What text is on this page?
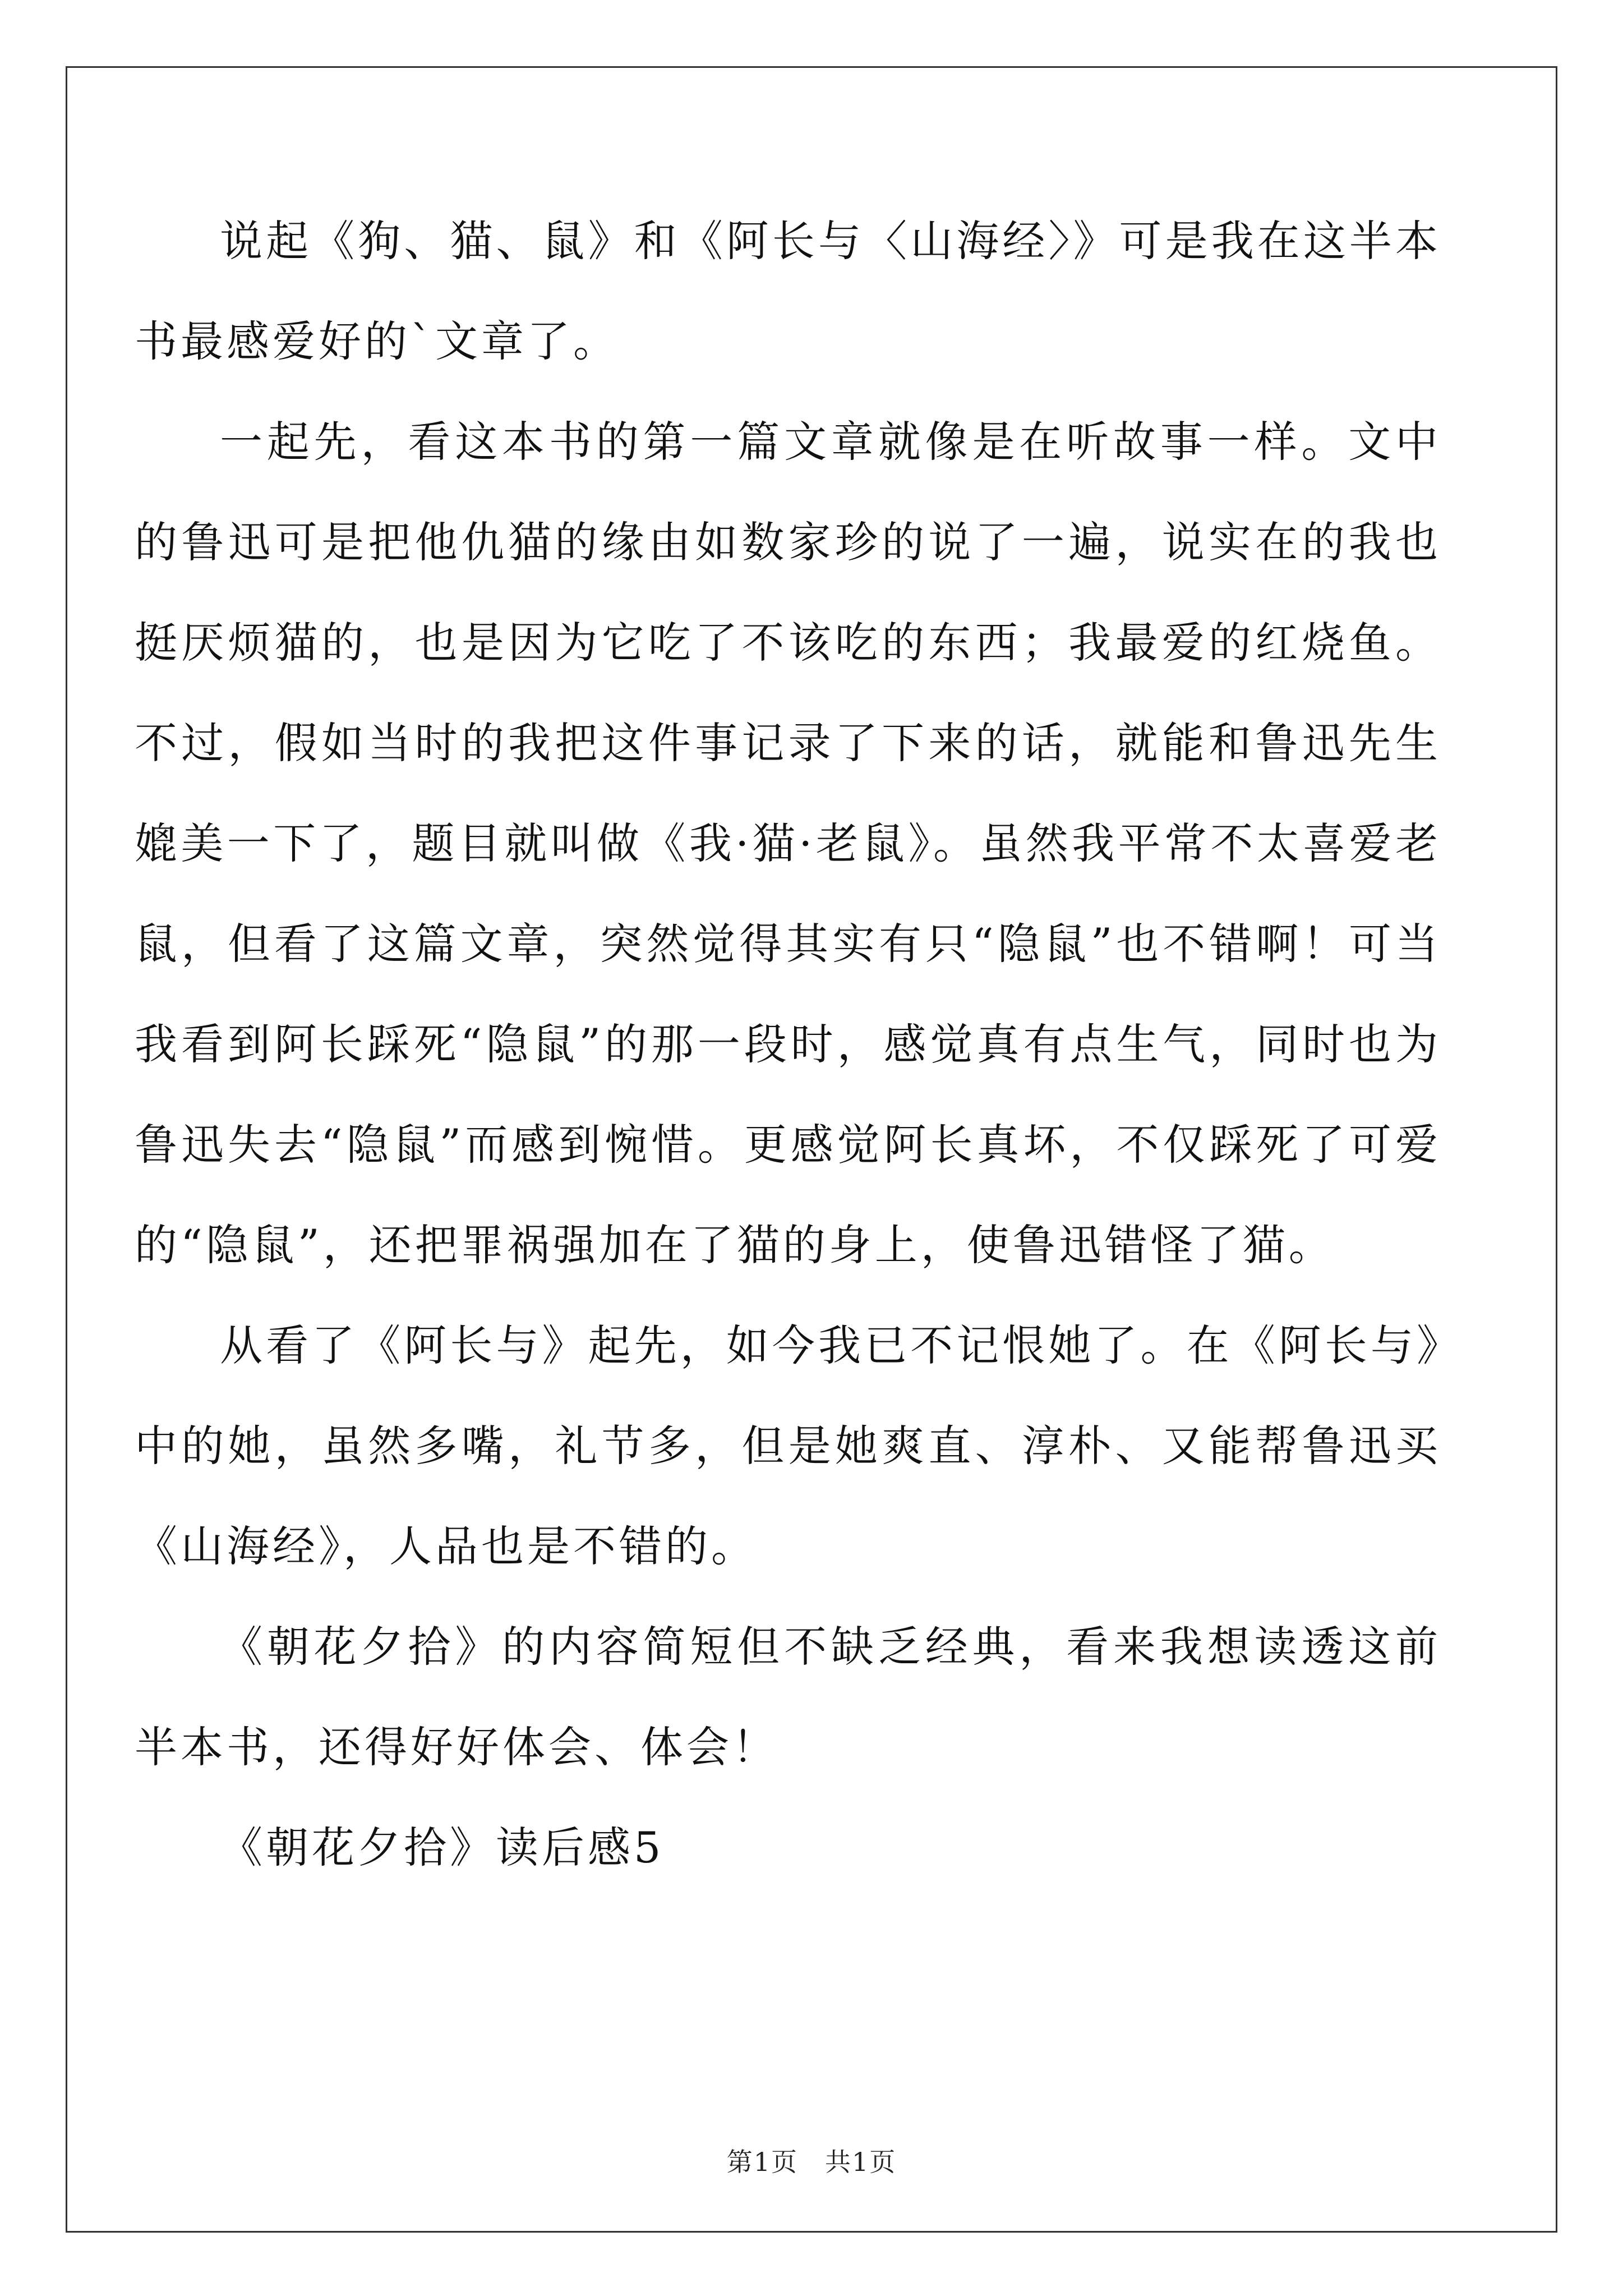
说起《狗、猫、鼠》和《阿长与〈山海经〉》可是我在这半本书最感爱好的`文章了。

一起先，看这本书的第一篇文章就像是在听故事一样。文中的鲁迅可是把他仇猫的缘由如数家珍的说了一遍，说实在的我也挺厌烦猫的，也是因为它吃了不该吃的东西；我最爱的红烧鱼。不过，假如当时的我把这件事记录了下来的话，就能和鲁迅先生媲美一下了，题目就叫做《我·猫·老鼠》。虽然我平常不太喜爱老鼠，但看了这篇文章，突然觉得其实有只“隐鼠”也不错啊！可当我看到阿长踩死“隐鼠”的那一段时，感觉真有点生气，同时也为鲁迅失去“隐鼠”而感到惋惜。更感觉阿长真坏，不仅踩死了可爱的“隐鼠”，还把罪祸强加在了猫的身上，使鲁迅错怪了猫。

从看了《阿长与》起先，如今我已不记恨她了。在《阿长与》中的她，虽然多嘴，礼节多，但是她爽直、淳朴、又能帮鲁迅买《山海经》，人品也是不错的。

《朝花夕拾》的内容简短但不缺乏经典，看来我想读透这前半本书，还得好好体会、体会！

《朝花夕拾》读后感5

第1页　共1页
